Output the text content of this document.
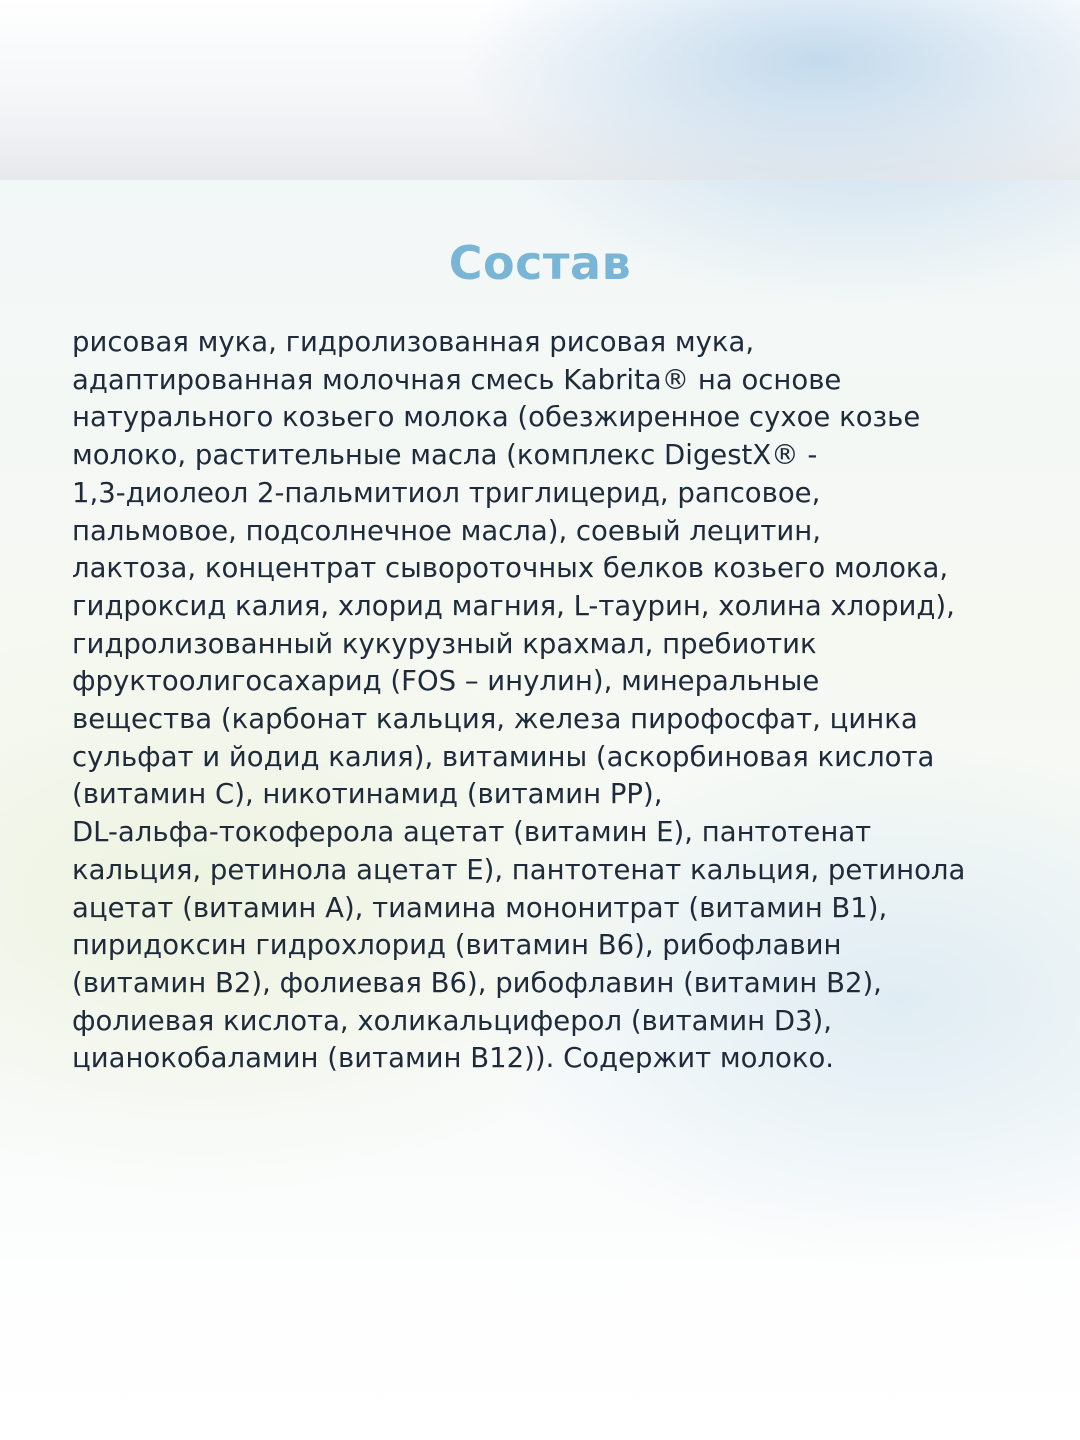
Состав

рисовая мука, гидролизованная рисовая мука,
адаптированная молочная смесь Kabrita® на основе
натурального козьего молока (обезжиренное сухое козье
молоко, растительные масла (комплекс DigestX® -
1,3-диолеол 2-пальмитиол триглицерид, рапсовое,
пальмовое, подсолнечное масла), соевый лецитин,
лактоза, концентрат сывороточных белков козьего молока,
гидроксид калия, хлорид магния, L-таурин, холина хлорид),
гидролизованный кукурузный крахмал, пребиотик
фруктоолигосахарид (FOS – инулин), минеральные
вещества (карбонат кальция, железа пирофосфат, цинка
сульфат и йодид калия), витамины (аскорбиновая кислота
(витамин С), никотинамид (витамин РР),
DL-альфа-токоферола ацетат (витамин Е), пантотенат
кальция, ретинола ацетат Е), пантотенат кальция, ретинола
ацетат (витамин А), тиамина мононитрат (витамин В1),
пиридоксин гидрохлорид (витамин В6), рибофлавин
(витамин В2), фолиевая В6), рибофлавин (витамин В2),
фолиевая кислота, холикальциферол (витамин D3),
цианокобаламин (витамин В12)). Содержит молоко.
